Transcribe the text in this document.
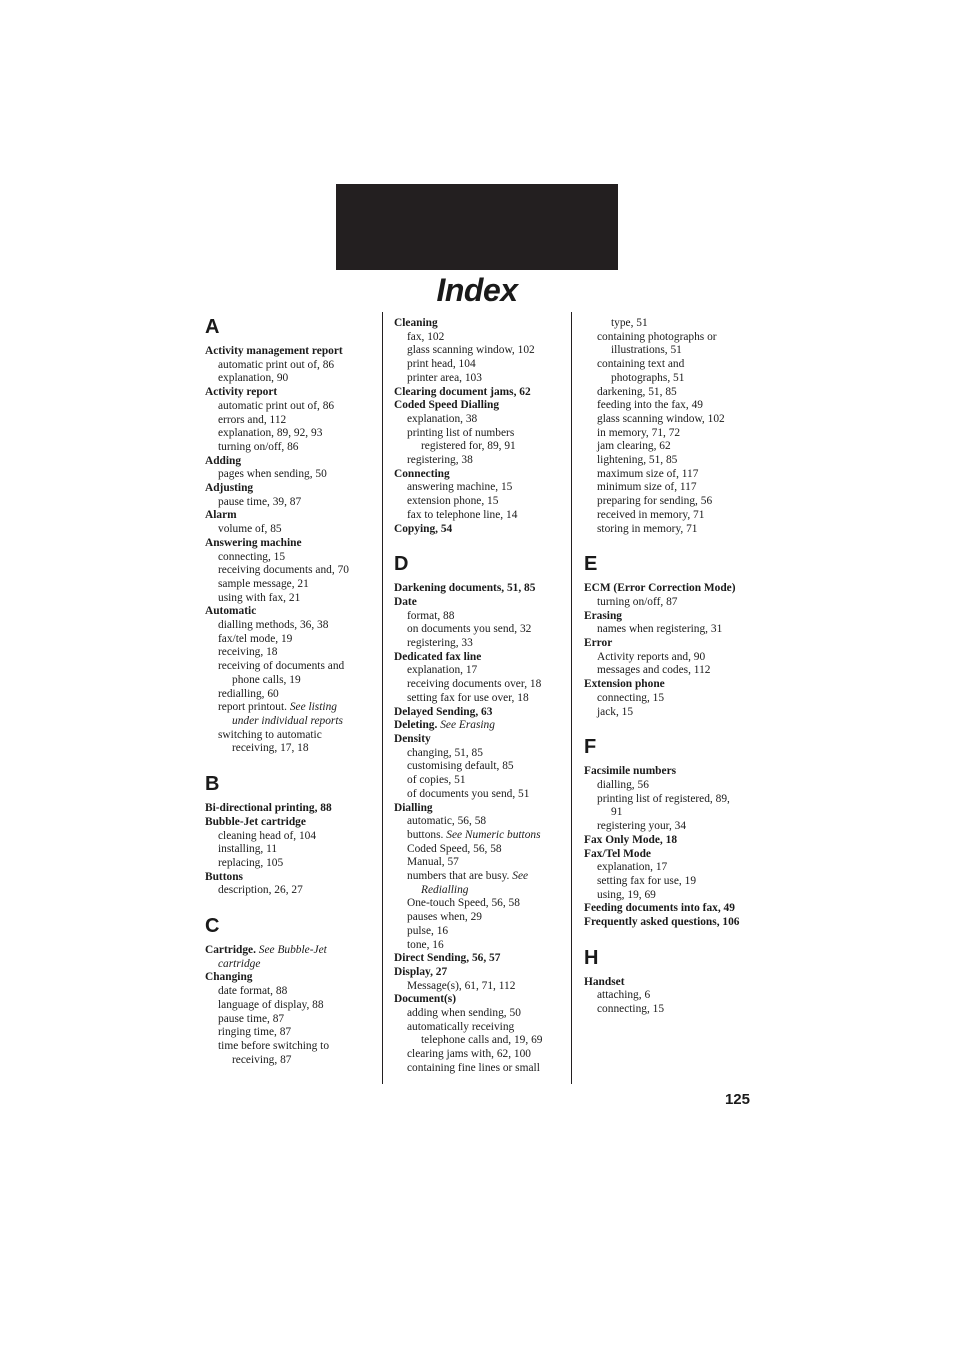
Index
A
Activity management report
automatic print out of, 86
explanation, 90
Activity report
automatic print out of, 86
errors and, 112
explanation, 89, 92, 93
turning on/off, 86
Adding
pages when sending, 50
Adjusting
pause time, 39, 87
Alarm
volume of, 85
Answering machine
connecting, 15
receiving documents and, 70
sample message, 21
using with fax, 21
Automatic
dialling methods, 36, 38
fax/tel mode, 19
receiving, 18
receiving of documents and
phone calls, 19
redialling, 60
report printout. See listing
under individual reports
switching to automatic
receiving, 17, 18
B
Bi-directional printing, 88
Bubble-Jet cartridge
cleaning head of, 104
installing, 11
replacing, 105
Buttons
description, 26, 27
C
Cartridge. See Bubble-Jet
cartridge
Changing
date format, 88
language of display, 88
pause time, 87
ringing time, 87
time before switching to
receiving, 87
Cleaning
fax, 102
glass scanning window, 102
print head, 104
printer area, 103
Clearing document jams, 62
Coded Speed Dialling
explanation, 38
printing list of numbers
registered for, 89, 91
registering, 38
Connecting
answering machine, 15
extension phone, 15
fax to telephone line, 14
Copying, 54
D
Darkening documents, 51, 85
Date
format, 88
on documents you send, 32
registering, 33
Dedicated fax line
explanation, 17
receiving documents over, 18
setting fax for use over, 18
Delayed Sending, 63
Deleting. See Erasing
Density
changing, 51, 85
customising default, 85
of copies, 51
of documents you send, 51
Dialling
automatic, 56, 58
buttons. See Numeric buttons
Coded Speed, 56, 58
Manual, 57
numbers that are busy. See
Redialling
One-touch Speed, 56, 58
pauses when, 29
pulse, 16
tone, 16
Direct Sending, 56, 57
Display, 27
Message(s), 61, 71, 112
Document(s)
adding when sending, 50
automatically receiving
telephone calls and, 19, 69
clearing jams with, 62, 100
containing fine lines or small
type, 51
containing photographs or
illustrations, 51
containing text and
photographs, 51
darkening, 51, 85
feeding into the fax, 49
glass scanning window, 102
in memory, 71, 72
jam clearing, 62
lightening, 51, 85
maximum size of, 117
minimum size of, 117
preparing for sending, 56
received in memory, 71
storing in memory, 71
E
ECM (Error Correction Mode)
turning on/off, 87
Erasing
names when registering, 31
Error
Activity reports and, 90
messages and codes, 112
Extension phone
connecting, 15
jack, 15
F
Facsimile numbers
dialling, 56
printing list of registered, 89,
91
registering your, 34
Fax Only Mode, 18
Fax/Tel Mode
explanation, 17
setting fax for use, 19
using, 19, 69
Feeding documents into fax, 49
Frequently asked questions, 106
H
Handset
attaching, 6
connecting, 15
125
